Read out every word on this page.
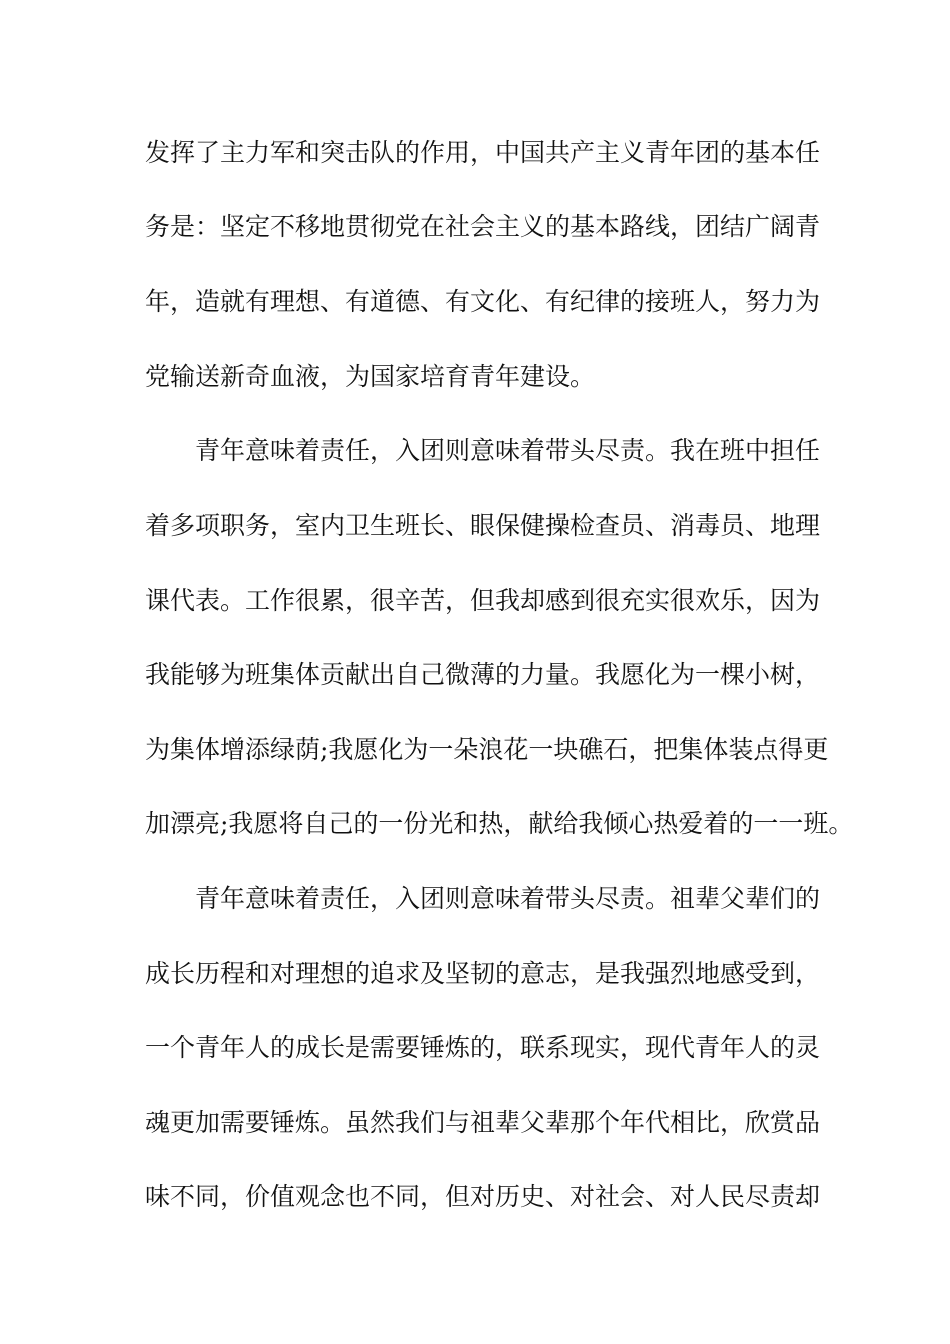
发挥了主力军和突击队的作用，中国共产主义青年团的基本任
务是：坚定不移地贯彻党在社会主义的基本路线，团结广阔青
年，造就有理想、有道德、有文化、有纪律的接班人，努力为
党输送新奇血液，为国家培育青年建设。
　　青年意味着责任，入团则意味着带头尽责。我在班中担任
着多项职务，室内卫生班长、眼保健操检查员、消毒员、地理
课代表。工作很累，很辛苦，但我却感到很充实很欢乐，因为
我能够为班集体贡献出自己微薄的力量。我愿化为一棵小树，
为集体增添绿荫;我愿化为一朵浪花一块礁石，把集体装点得更
加漂亮;我愿将自己的一份光和热，献给我倾心热爱着的一一班。
　　青年意味着责任，入团则意味着带头尽责。祖辈父辈们的
成长历程和对理想的追求及坚韧的意志，是我强烈地感受到，
一个青年人的成长是需要锤炼的，联系现实，现代青年人的灵
魂更加需要锤炼。虽然我们与祖辈父辈那个年代相比，欣赏品
味不同，价值观念也不同，但对历史、对社会、对人民尽责却
